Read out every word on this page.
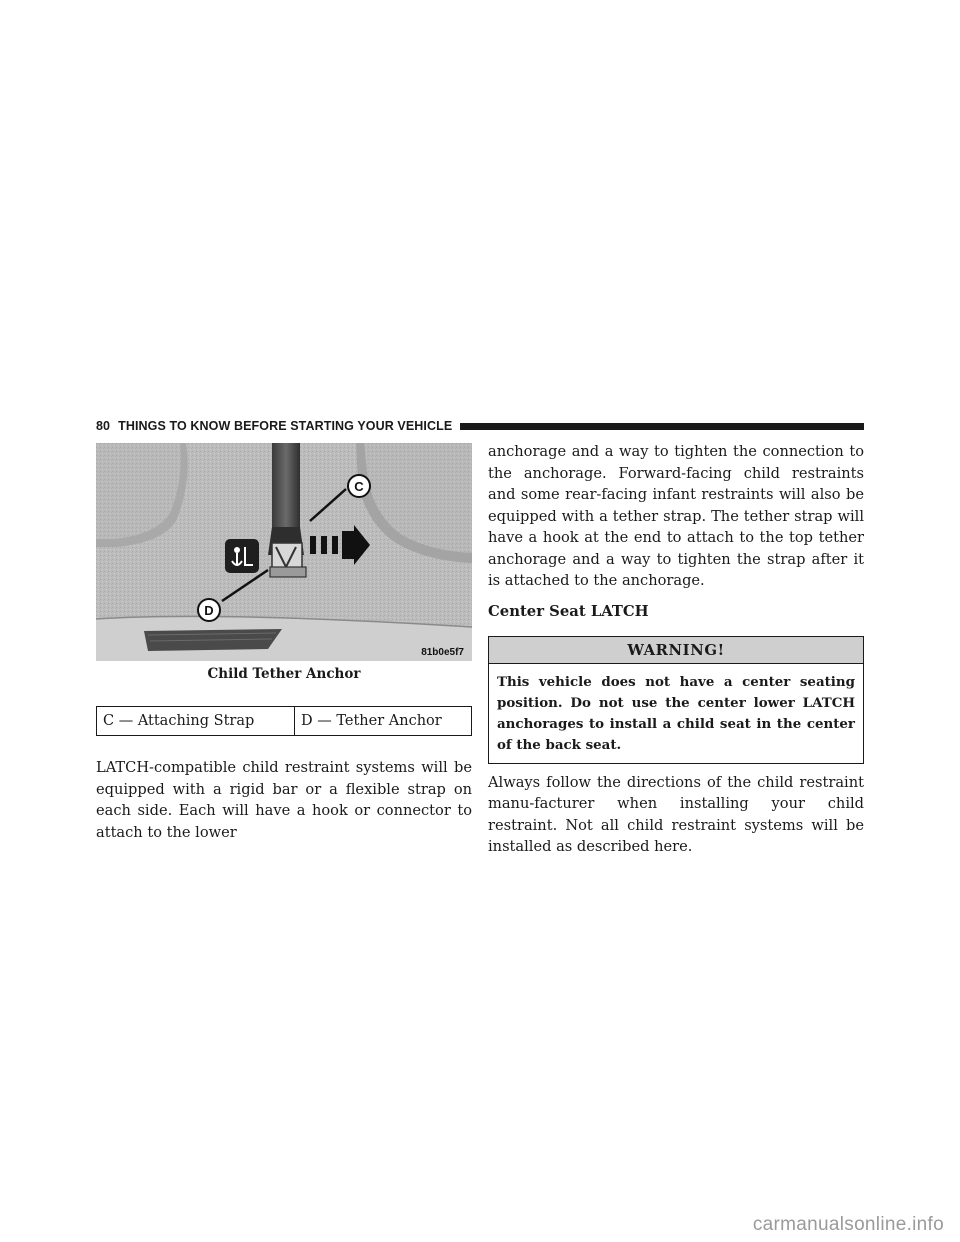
80 THINGS TO KNOW BEFORE STARTING YOUR VEHICLE
C
D
81b0e5f7
Child Tether Anchor
C — Attaching Strap	D — Tether Anchor

LATCH-compatible child restraint systems will be equipped with a rigid bar or a flexible strap on each side. Each will have a hook or connector to attach to the lower

anchorage and a way to tighten the connection to the anchorage. Forward-facing child restraints and some rear-facing infant restraints will also be equipped with a tether strap. The tether strap will have a hook at the end to attach to the top tether anchorage and a way to tighten the strap after it is attached to the anchorage.

Center Seat LATCH
WARNING!
This vehicle does not have a center seating position. Do not use the center lower LATCH anchorages to install a child seat in the center of the back seat.

Always follow the directions of the child restraint manu-facturer when installing your child restraint. Not all child restraint systems will be installed as described here.

carmanualsonline.info
